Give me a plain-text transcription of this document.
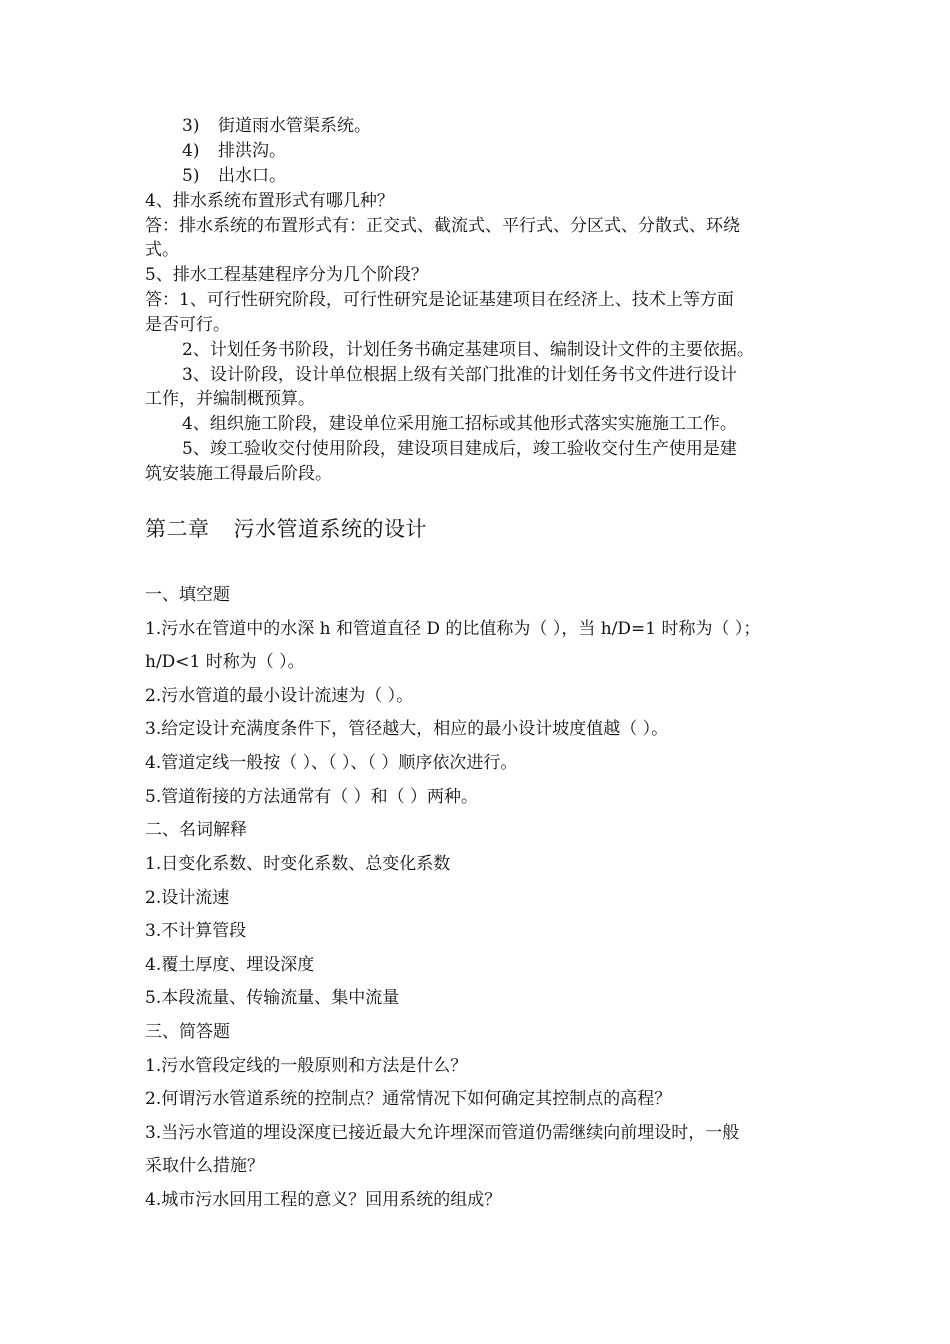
3) 街道雨水管渠系统。
4) 排洪沟。
5) 出水口。
4、排水系统布置形式有哪几种？
答：排水系统的布置形式有：正交式、截流式、平行式、分区式、分散式、环绕
式。
5、排水工程基建程序分为几个阶段？
答：1、可行性研究阶段，可行性研究是论证基建项目在经济上、技术上等方面
是否可行。
2、计划任务书阶段，计划任务书确定基建项目、编制设计文件的主要依据。
3、设计阶段，设计单位根据上级有关部门批准的计划任务书文件进行设计
工作，并编制概预算。
4、组织施工阶段，建设单位采用施工招标或其他形式落实实施施工工作。
5、竣工验收交付使用阶段，建设项目建成后，竣工验收交付生产使用是建
筑安装施工得最后阶段。
第二章 污水管道系统的设计
一、填空题
1.污水在管道中的水深 h 和管道直径 D 的比值称为（ ），当 h/D=1 时称为（ ）；
h/D<1 时称为（ ）。
2.污水管道的最小设计流速为（ ）。
3.给定设计充满度条件下，管径越大，相应的最小设计坡度值越（ ）。
4.管道定线一般按（ ）、（ ）、（ ）顺序依次进行。
5.管道衔接的方法通常有（ ）和（ ）两种。
二、名词解释
1.日变化系数、时变化系数、总变化系数
2.设计流速
3.不计算管段
4.覆土厚度、埋设深度
5.本段流量、传输流量、集中流量
三、简答题
1.污水管段定线的一般原则和方法是什么？
2.何谓污水管道系统的控制点？通常情况下如何确定其控制点的高程？
3.当污水管道的埋设深度已接近最大允许埋深而管道仍需继续向前埋设时，一般
采取什么措施？
4.城市污水回用工程的意义？回用系统的组成？
